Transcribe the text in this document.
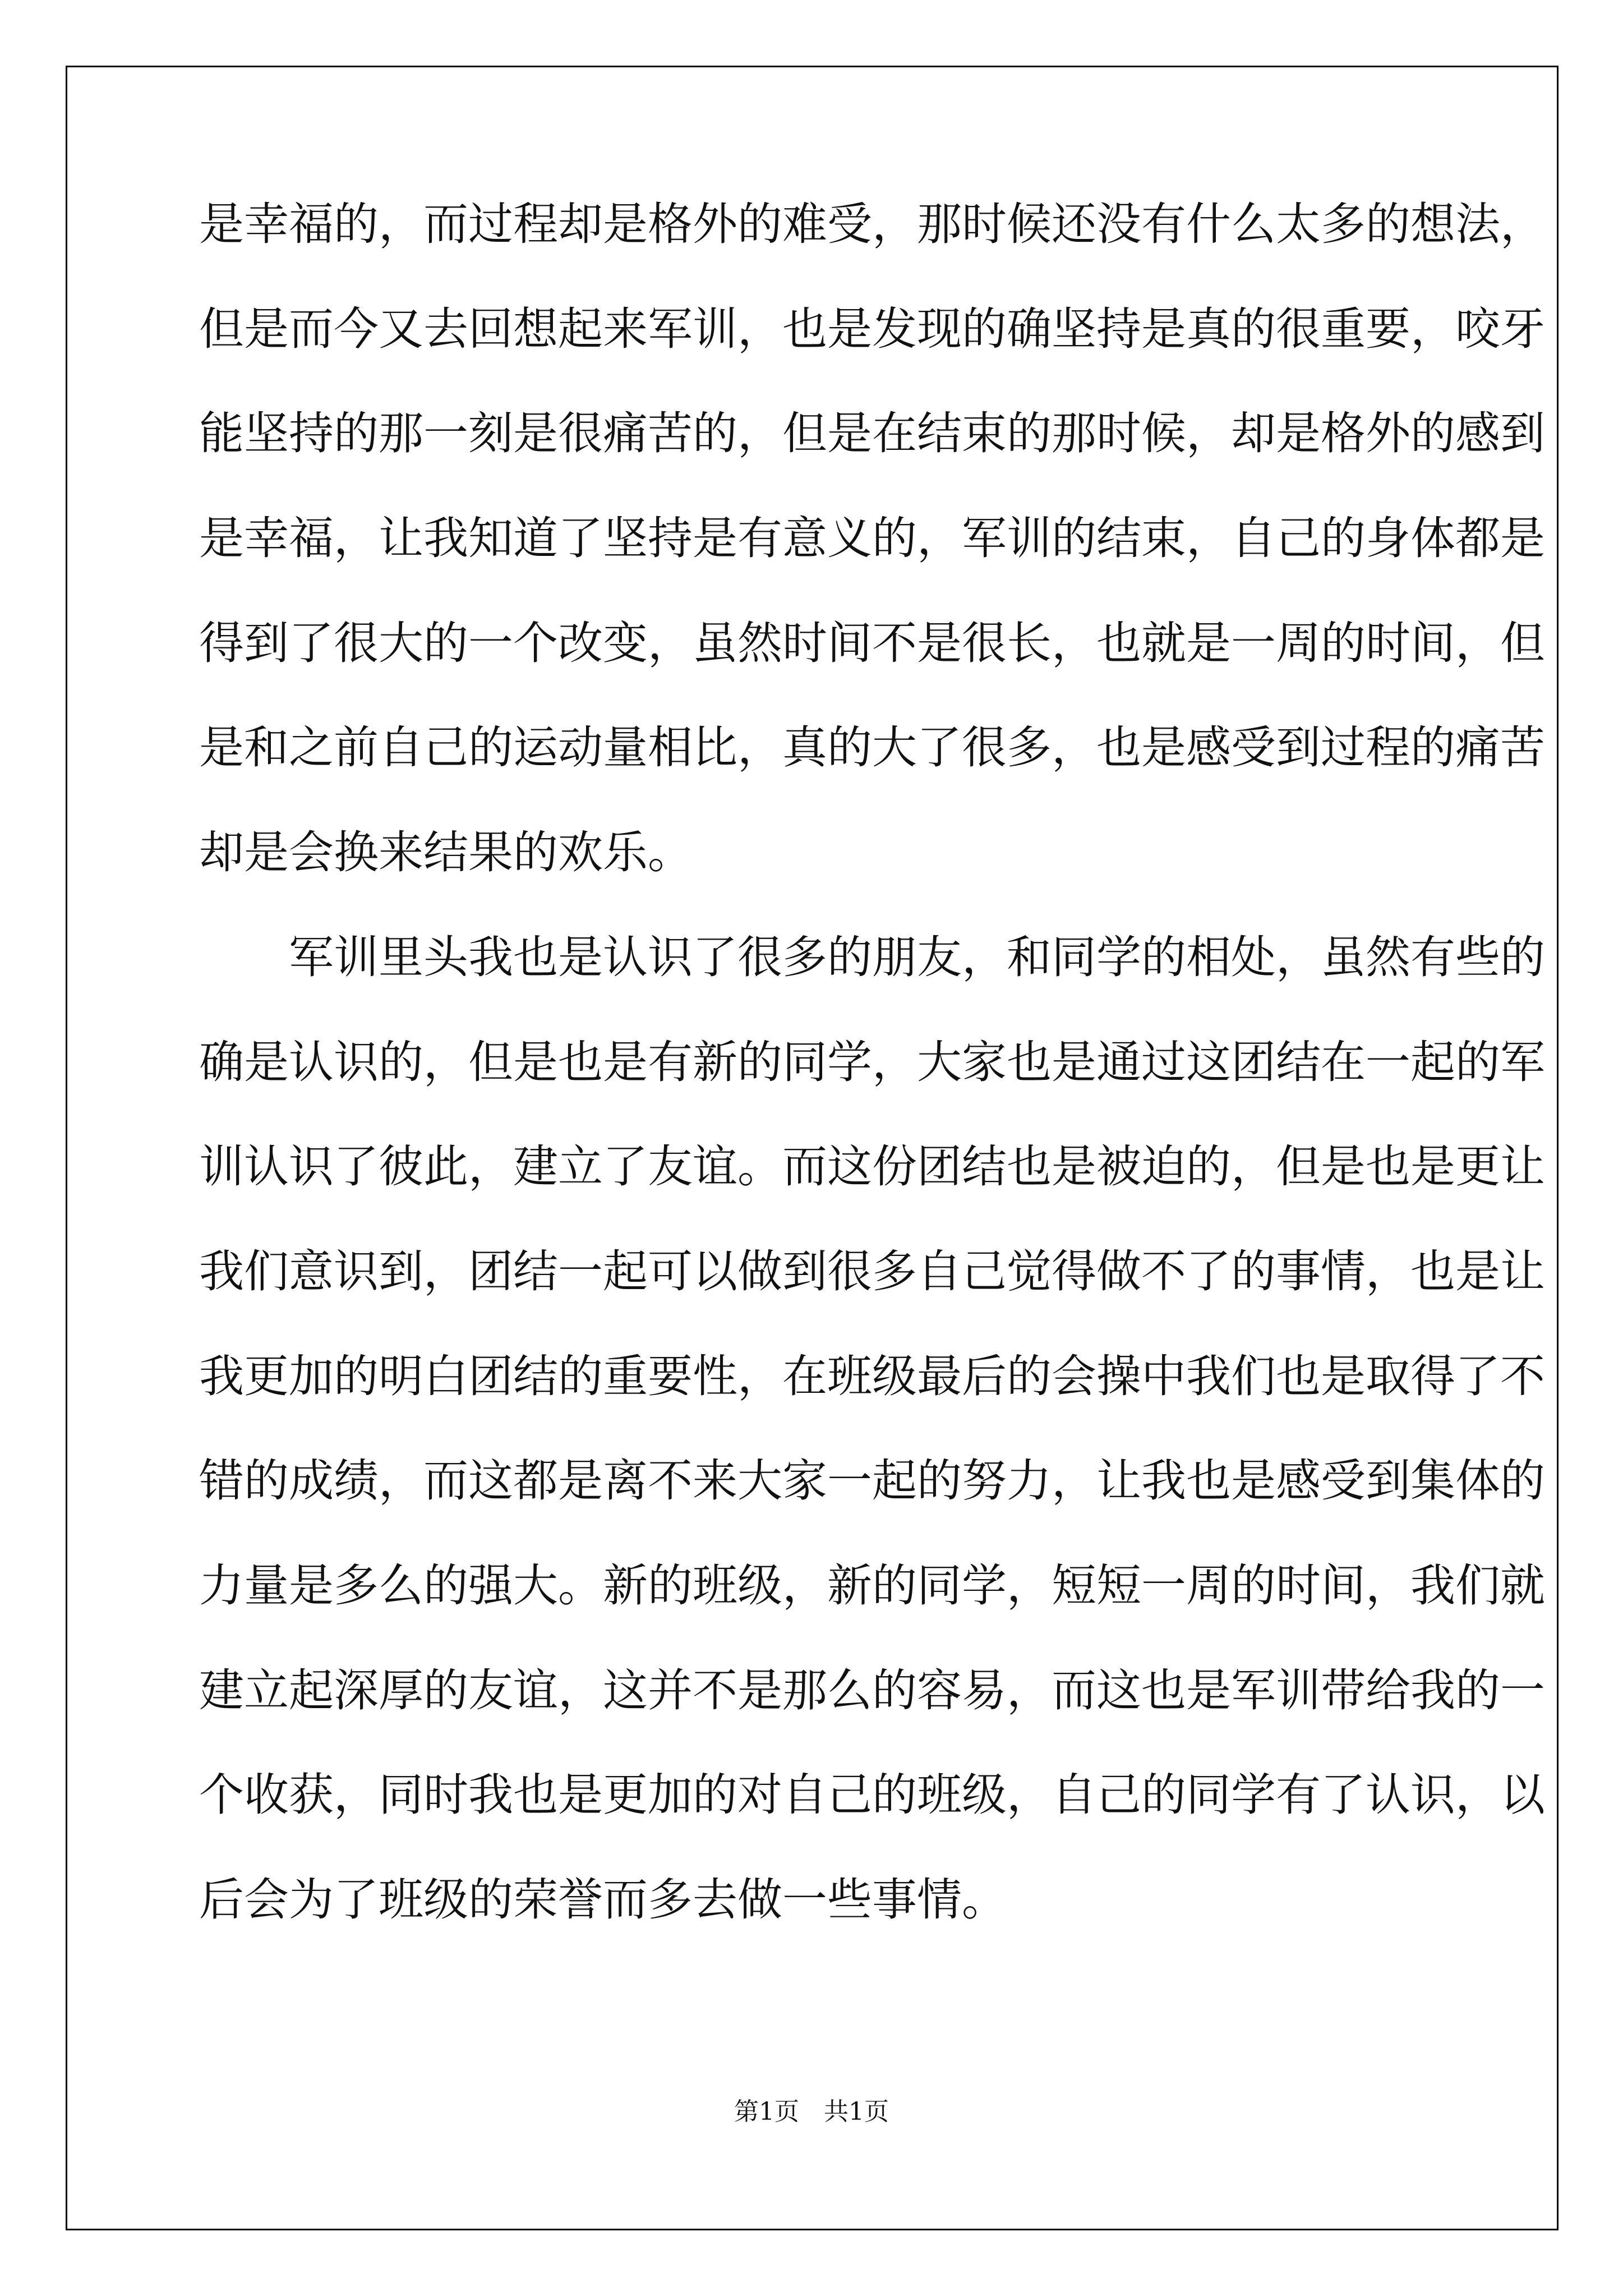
是幸福的，而过程却是格外的难受，那时候还没有什么太多的想法，
但是而今又去回想起来军训，也是发现的确坚持是真的很重要，咬牙
能坚持的那一刻是很痛苦的，但是在结束的那时候，却是格外的感到
是幸福，让我知道了坚持是有意义的，军训的结束，自己的身体都是
得到了很大的一个改变，虽然时间不是很长，也就是一周的时间，但
是和之前自己的运动量相比，真的大了很多，也是感受到过程的痛苦
却是会换来结果的欢乐。
　　军训里头我也是认识了很多的朋友，和同学的相处，虽然有些的
确是认识的，但是也是有新的同学，大家也是通过这团结在一起的军
训认识了彼此，建立了友谊。而这份团结也是被迫的，但是也是更让
我们意识到，团结一起可以做到很多自己觉得做不了的事情，也是让
我更加的明白团结的重要性，在班级最后的会操中我们也是取得了不
错的成绩，而这都是离不来大家一起的努力，让我也是感受到集体的
力量是多么的强大。新的班级，新的同学，短短一周的时间，我们就
建立起深厚的友谊，这并不是那么的容易，而这也是军训带给我的一
个收获，同时我也是更加的对自己的班级，自己的同学有了认识，以
后会为了班级的荣誉而多去做一些事情。
第1页　共1页
